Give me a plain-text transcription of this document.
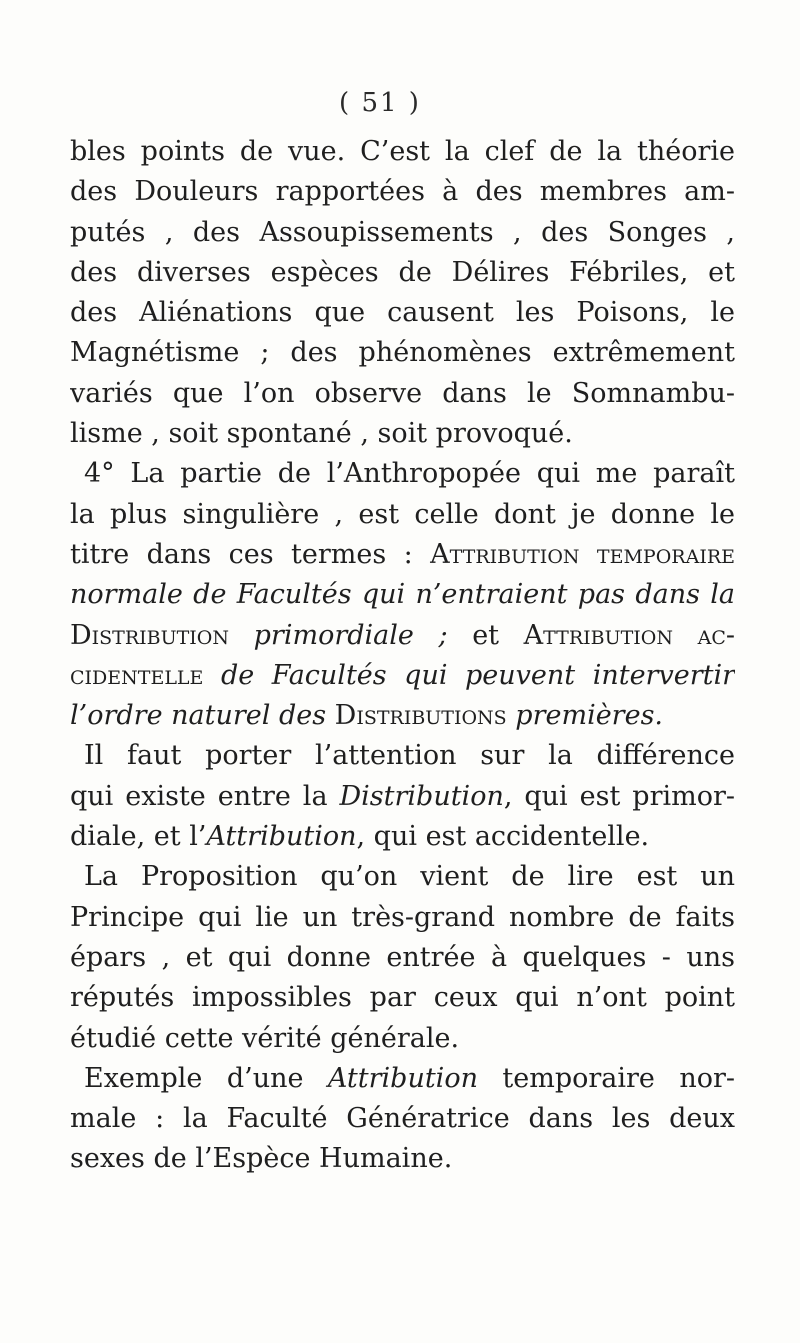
( 51 )
bles points de vue. C’est la clef de la théorie
des Douleurs rapportées à des membres am-
putés , des Assoupissements , des Songes ,
des diverses espèces de Délires Fébriles, et
des Aliénations que causent les Poisons, le
Magnétisme ; des phénomènes extrêmement
variés que l’on observe dans le Somnambu-
lisme , soit spontané , soit provoqué.
4° La partie de l’Anthropopée qui me paraît
la plus singulière , est celle dont je donne le
titre dans ces termes : Attribution temporaire
normale de Facultés qui n’entraient pas dans la
Distribution primordiale ; et Attribution ac-
cidentelle de Facultés qui peuvent intervertir
l’ordre naturel des Distributions premières.
Il faut porter l’attention sur la différence
qui existe entre la Distribution, qui est primor-
diale, et l’Attribution, qui est accidentelle.
La Proposition qu’on vient de lire est un
Principe qui lie un très-grand nombre de faits
épars , et qui donne entrée à quelques - uns
réputés impossibles par ceux qui n’ont point
étudié cette vérité générale.
Exemple d’une Attribution temporaire nor-
male : la Faculté Génératrice dans les deux
sexes de l’Espèce Humaine.
